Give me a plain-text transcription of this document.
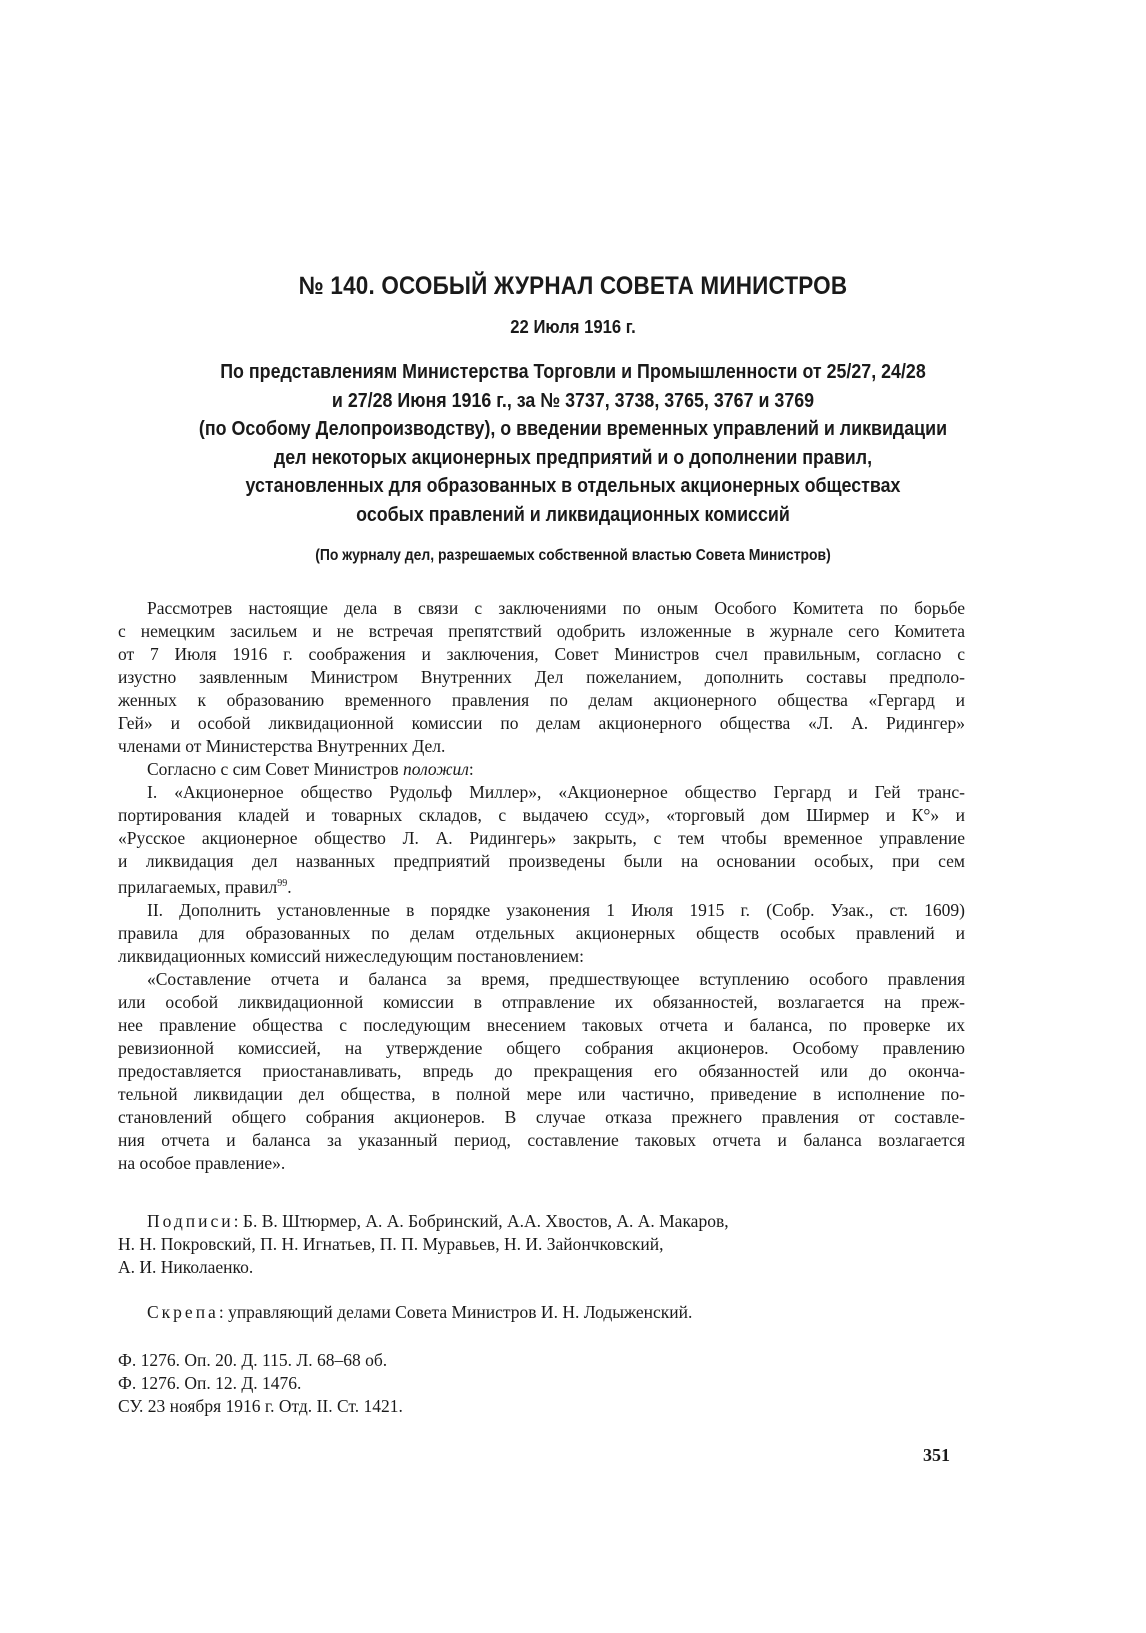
№ 140. ОСОБЫЙ ЖУРНАЛ СОВЕТА МИНИСТРОВ
22 Июля 1916 г.
По представлениям Министерства Торговли и Промышленности от 25/27, 24/28
и 27/28 Июня 1916 г., за № 3737, 3738, 3765, 3767 и 3769
(по Особому Делопроизводству), о введении временных управлений и ликвидации
дел некоторых акционерных предприятий и о дополнении правил,
установленных для образованных в отдельных акционерных обществах
особых правлений и ликвидационных комиссий
(По журналу дел, разрешаемых собственной властью Совета Министров)

Рассмотрев настоящие дела в связи с заключениями по оным Особого Комитета по борьбе

с немецким засильем и не встречая препятствий одобрить изложенные в журнале сего Комитета

от 7 Июля 1916 г. соображения и заключения, Совет Министров счел правильным, согласно с

изустно заявленным Министром Внутренних Дел пожеланием, дополнить составы предполо-

женных к образованию временного правления по делам акционерного общества «Гергард и

Гей» и особой ликвидационной комиссии по делам акционерного общества «Л. А. Ридингер»

членами от Министерства Внутренних Дел.

Согласно с сим Совет Министров положил:

I. «Акционерное общество Рудольф Миллер», «Акционерное общество Гергард и Гей транс-

портирования кладей и товарных складов, с выдачею ссуд», «торговый дом Ширмер и К°» и

«Русское акционерное общество Л. А. Ридингерь» закрыть, с тем чтобы временное управление

и ликвидация дел названных предприятий произведены были на основании особых, при сем

прилагаемых, правил$^{99}$.

II. Дополнить установленные в порядке узаконения 1 Июля 1915 г. (Собр. Узак., ст. 1609)

правила для образованных по делам отдельных акционерных обществ особых правлений и

ликвидационных комиссий нижеследующим постановлением:

«Составление отчета и баланса за время, предшествующее вступлению особого правления

или особой ликвидационной комиссии в отправление их обязанностей, возлагается на преж-

нее правление общества с последующим внесением таковых отчета и баланса, по проверке их

ревизионной комиссией, на утверждение общего собрания акционеров. Особому правлению

предоставляется приостанавливать, впредь до прекращения его обязанностей или до оконча-

тельной ликвидации дел общества, в полной мере или частично, приведение в исполнение по-

становлений общего собрания акционеров. В случае отказа прежнего правления от составле-

ния отчета и баланса за указанный период, составление таковых отчета и баланса возлагается

на особое правление».

Подписи: Б. В. Штюрмер, А. А. Бобринский, А.А. Хвостов, А. А. Макаров,

Н. Н. Покровский, П. Н. Игнатьев, П. П. Муравьев, Н. И. Зайончковский,

А. И. Николаенко.

Скрепа: управляющий делами Совета Министров И. Н. Лодыженский.

Ф. 1276. Оп. 20. Д. 115. Л. 68–68 об.

Ф. 1276. Оп. 12. Д. 1476.

СУ. 23 ноября 1916 г. Отд. II. Ст. 1421.

351
